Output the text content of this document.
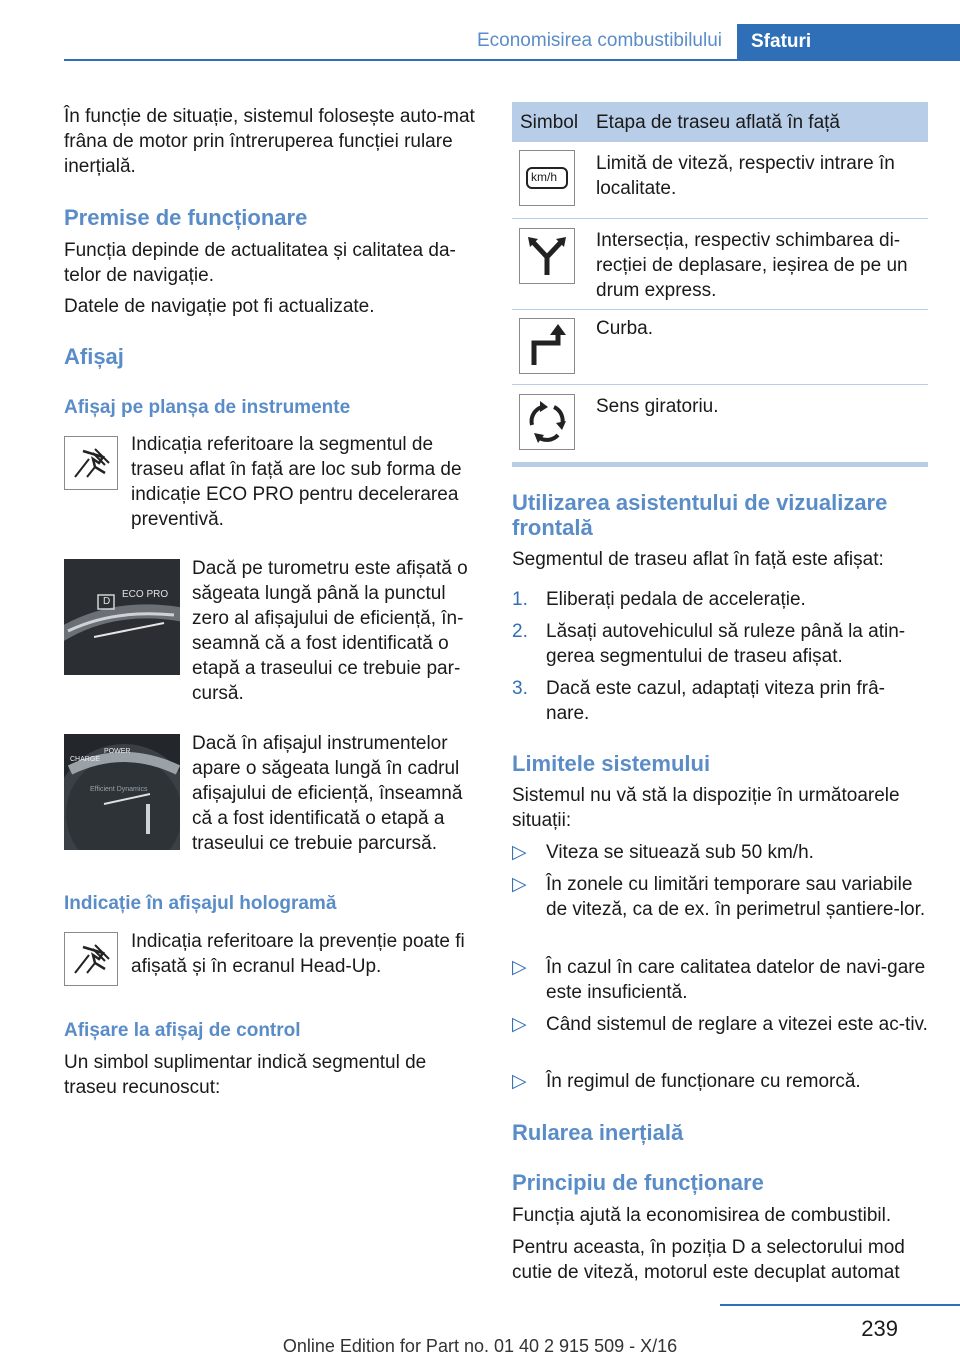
Economisirea combustibilului	Sfaturi

În funcție de situație, sistemul folosește auto-mat frâna de motor prin întreruperea funcției rulare inerțială.

Premise de funcționare

Funcția depinde de actualitatea și calitatea da-telor de navigație.

Datele de navigație pot fi actualizate.

Afișaj
Afișaj pe planșa de instrumente

Indicația referitoare la segmentul de traseu aflat în față are loc sub forma de indicație ECO PRO pentru decelerarea preventivă.

D
ECO PRO

Dacă pe turometru este afișată o săgeata lungă până la punctul zero al afișajului de eficiență, în-seamnă că a fost identificată o etapă a traseului ce trebuie par-cursă.

CHARGE
POWER
Efficient Dynamics

Dacă în afișajul instrumentelor apare o săgeata lungă în cadrul afișajului de eficiență, înseamnă că a fost identificată o etapă a traseului ce trebuie parcursă.

Indicație în afișajul hologramă

Indicația referitoare la prevenție poate fi afișată și în ecranul Head-Up.

Afișare la afișaj de control

Un simbol suplimentar indică segmentul de traseu recunoscut:

Simbol Etapa de traseu aflată în față
km/h

Limită de viteză, respectiv intrare în localitate.

Intersecția, respectiv schimbarea di-recției de deplasare, ieșirea de pe un drum express.

Curba.

Sens giratoriu.

Utilizarea asistentului de vizualizare frontală

Segmentul de traseu aflat în față este afișat:

1. Eliberați pedala de accelerație.
2. Lăsați autovehiculul să ruleze până la atin-gerea segmentului de traseu afișat.
3. Dacă este cazul, adaptați viteza prin frâ-nare.
Limitele sistemului

Sistemul nu vă stă la dispoziție în următoarele situații:

▷ Viteza se situează sub 50 km/h.
▷ În zonele cu limitări temporare sau variabile de viteză, ca de ex. în perimetrul șantiere-lor.
▷ În cazul în care calitatea datelor de navi-gare este insuficientă.
▷ Când sistemul de reglare a vitezei este ac-tiv.
▷ În regimul de funcționare cu remorcă.
Rularea inerțială
Principiu de funcționare

Funcția ajută la economisirea de combustibil.

Pentru aceasta, în poziția D a selectorului mod cutie de viteză, motorul este decuplat automat

239
Online Edition for Part no. 01 40 2 915 509 - X/16
